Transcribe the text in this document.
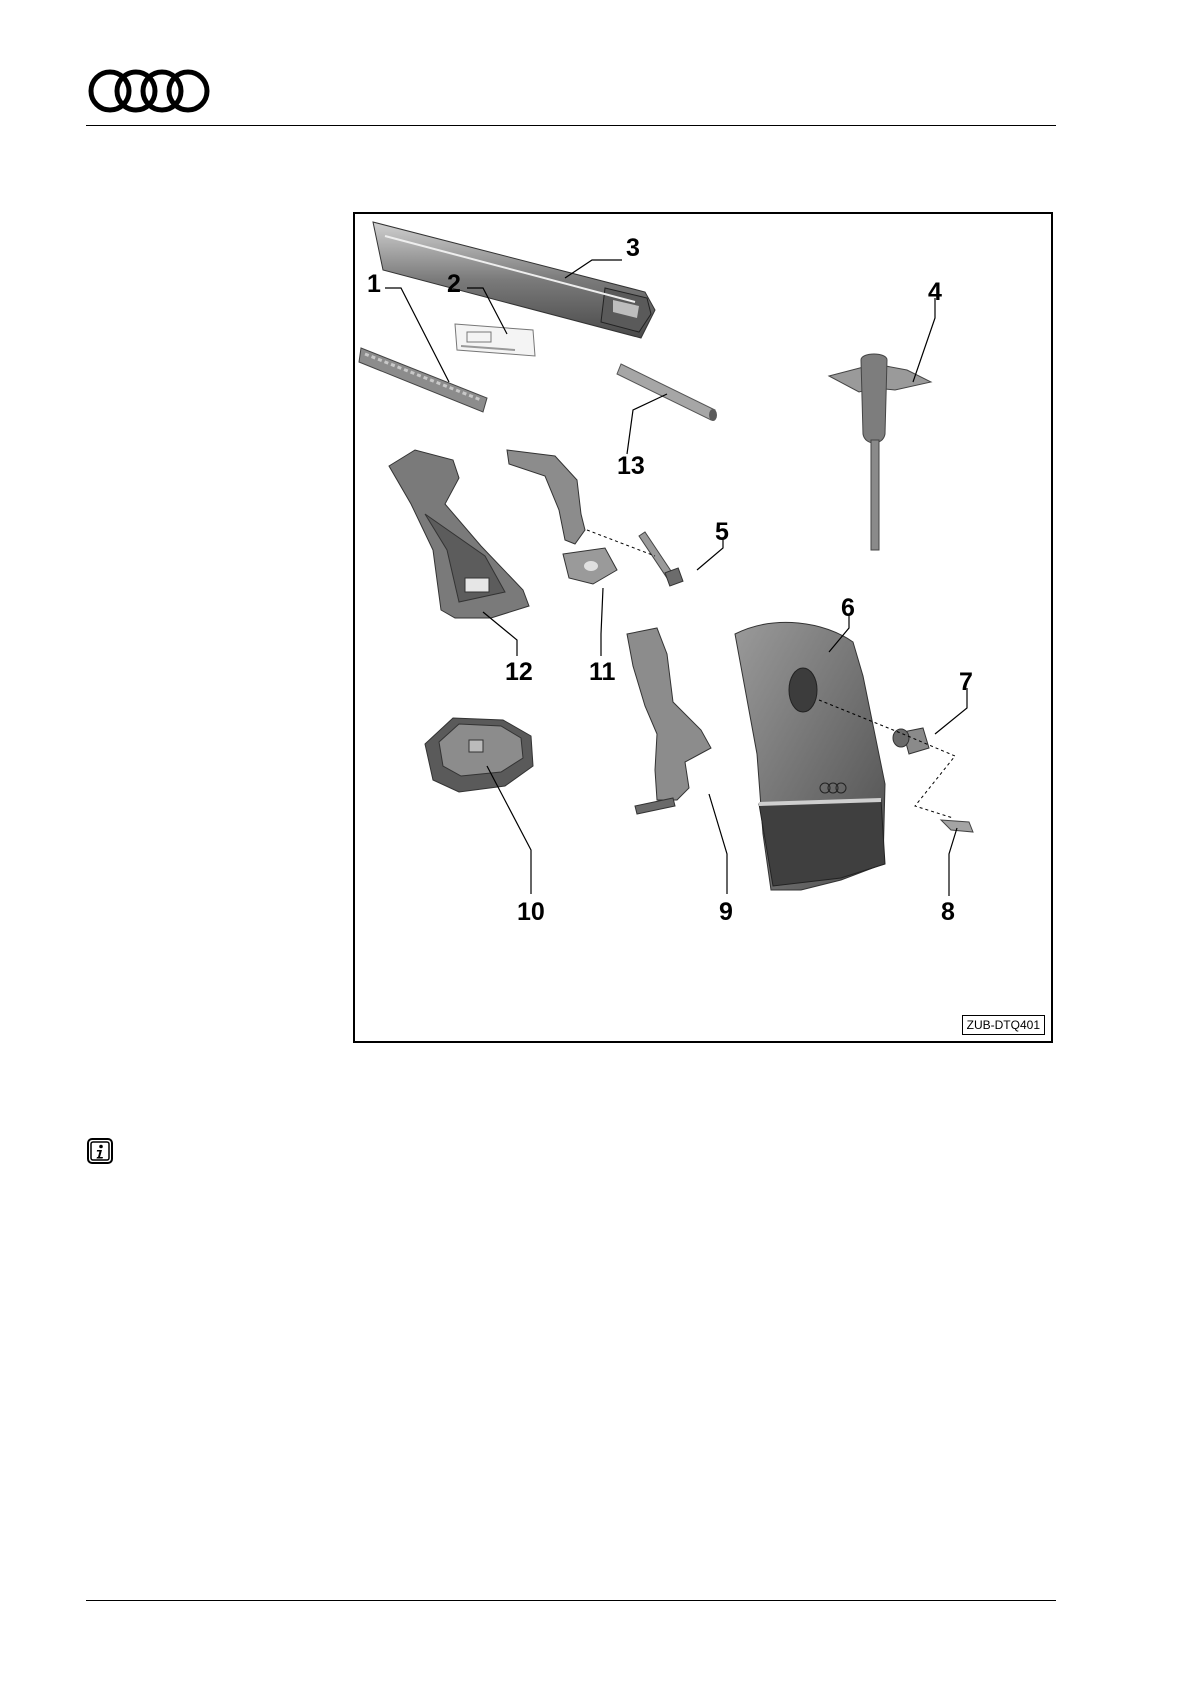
3
1	2	4
13
5
6
12 11	7
10	9	8
ZUB-DTQ401
